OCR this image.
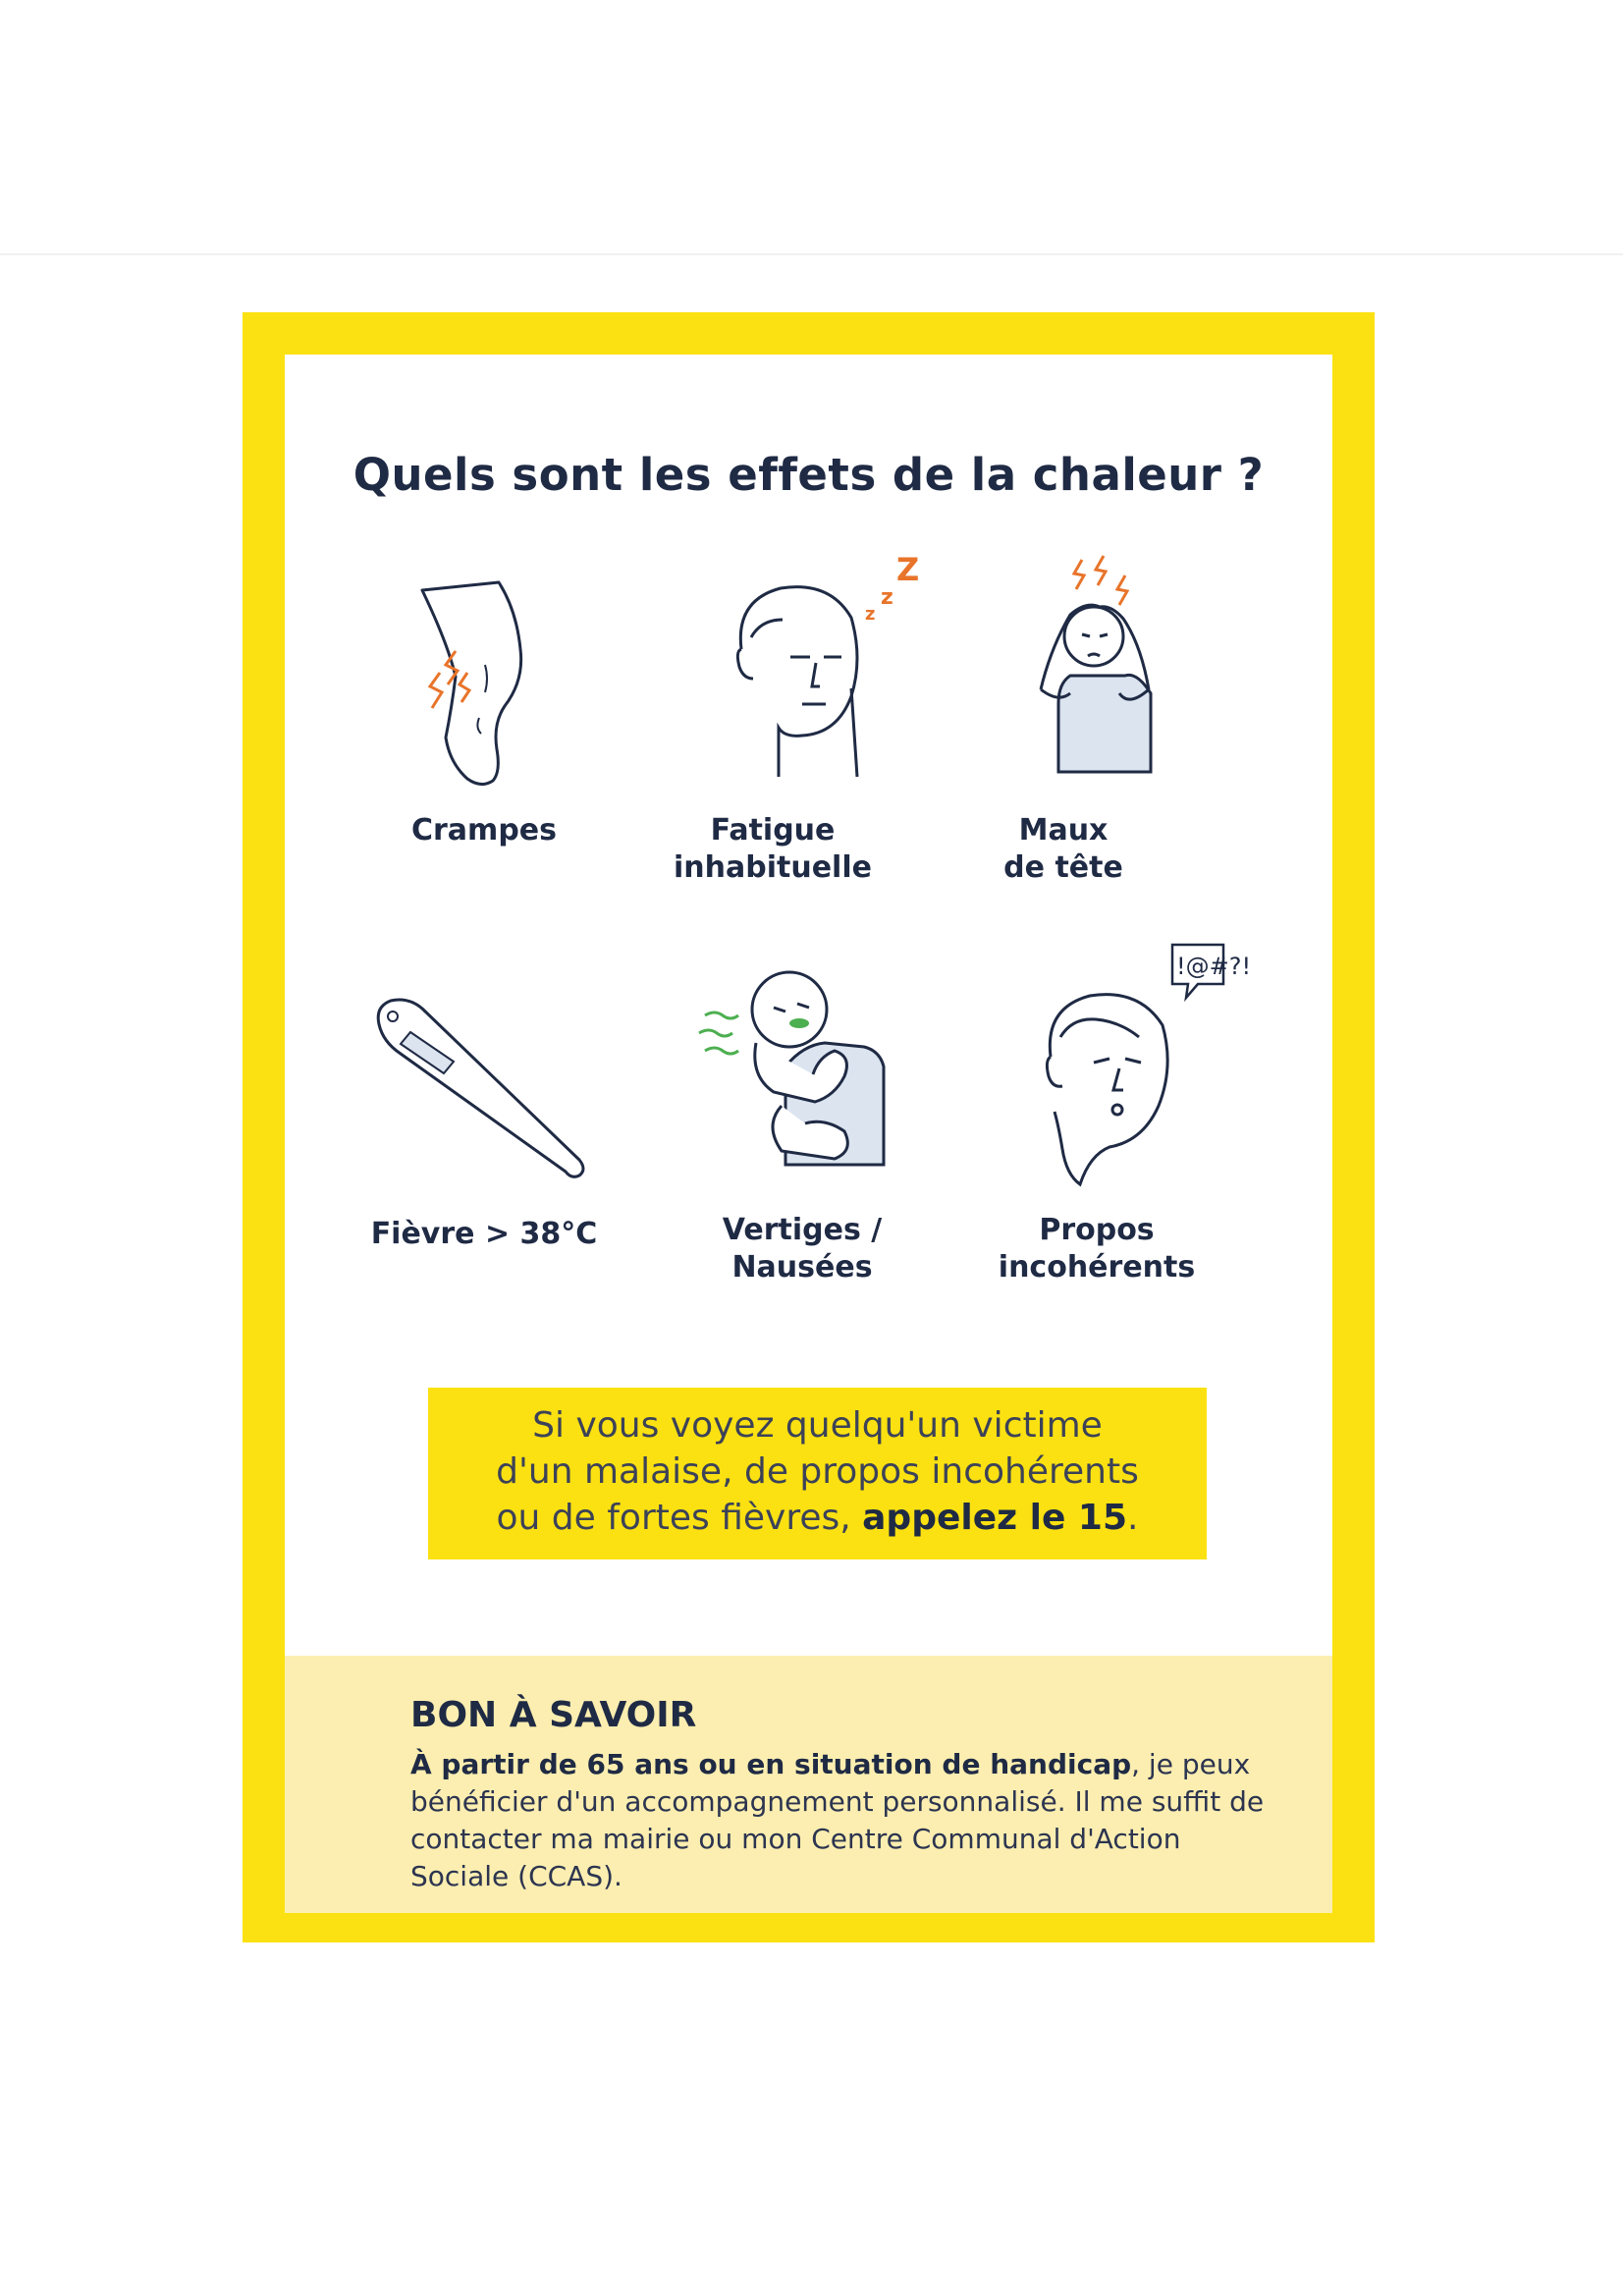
Quels sont les effets de la chaleur ?
z
z
Z
Crampes	Fatigue
inhabituelle
Maux
de tête
!@#?!
Fièvre > 38°C	Vertiges /
Nausées
Propos
incohérents
Si vous voyez quelqu'un victime
d'un malaise, de propos incohérents
ou de fortes fièvres, appelez le 15.
BON À SAVOIR
À partir de 65 ans ou en situation de handicap, je peux bénéficier d'un accompagnement personnalisé. Il me suffit de contacter ma mairie ou mon Centre Communal d'Action Sociale (CCAS).
